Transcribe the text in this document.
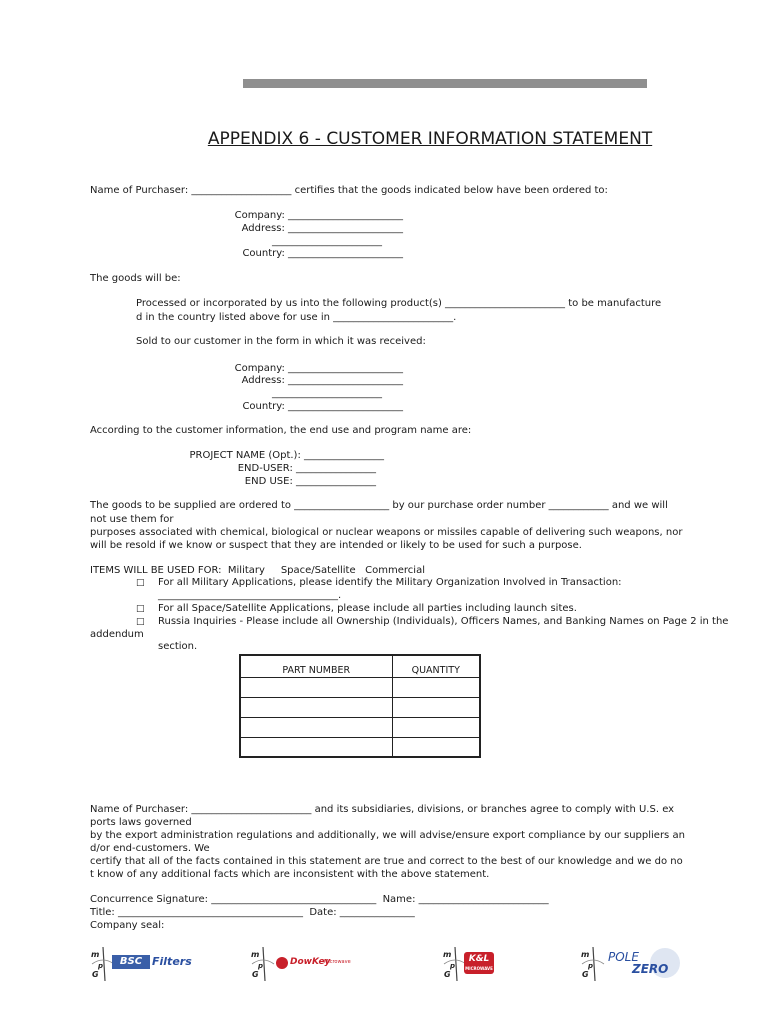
APPENDIX 6 - CUSTOMER INFORMATION STATEMENT
Name of Purchaser: ____________________ certifies that the goods indicated below have been ordered to:
Company: _______________________
Address: _______________________
______________________
Country: _______________________
The goods will be:
Processed or incorporated by us into the following product(s) ________________________ to be manufacture
d in the country listed above for use in ________________________.
Sold to our customer in the form in which it was received:
Company: _______________________
Address: _______________________
______________________
Country: _______________________
According to the customer information, the end use and program name are:
PROJECT NAME (Opt.): ________________
END-USER: ________________
END USE: ________________
The goods to be supplied are ordered to ___________________ by our purchase order number ____________ and we will
not use them for
purposes associated with chemical, biological or nuclear weapons or missiles capable of delivering such weapons, nor
will be resold if we know or suspect that they are intended or likely to be used for such a purpose.
ITEMS WILL BE USED FOR:  Military     Space/Satellite   Commercial
□ For all Military Applications, please identify the Military Organization Involved in Transaction:
____________________________________.
□ For all Space/Satellite Applications, please include all parties including launch sites.
□ Russia Inquiries - Please include all Ownership (Individuals), Officers Names, and Banking Names on Page 2 in the
addendum
section.
PART NUMBER	QUANTITY

Name of Purchaser: ________________________ and its subsidiaries, divisions, or branches agree to comply with U.S. ex
ports laws governed
by the export administration regulations and additionally, we will advise/ensure export compliance by our suppliers an
d/or end-customers. We
certify that all of the facts contained in this statement are true and correct to the best of our knowledge and we do no
t know of any additional facts which are inconsistent with the above statement.
Concurrence Signature: _________________________________  Name: __________________________
Title: _____________________________________  Date: _______________
Company seal:
m
p
G
BSC Filters
m
p
G
DowKey
Microwave
m
p
G
K&L
MICROWAVE
m
p
G
POLE
ZERO
